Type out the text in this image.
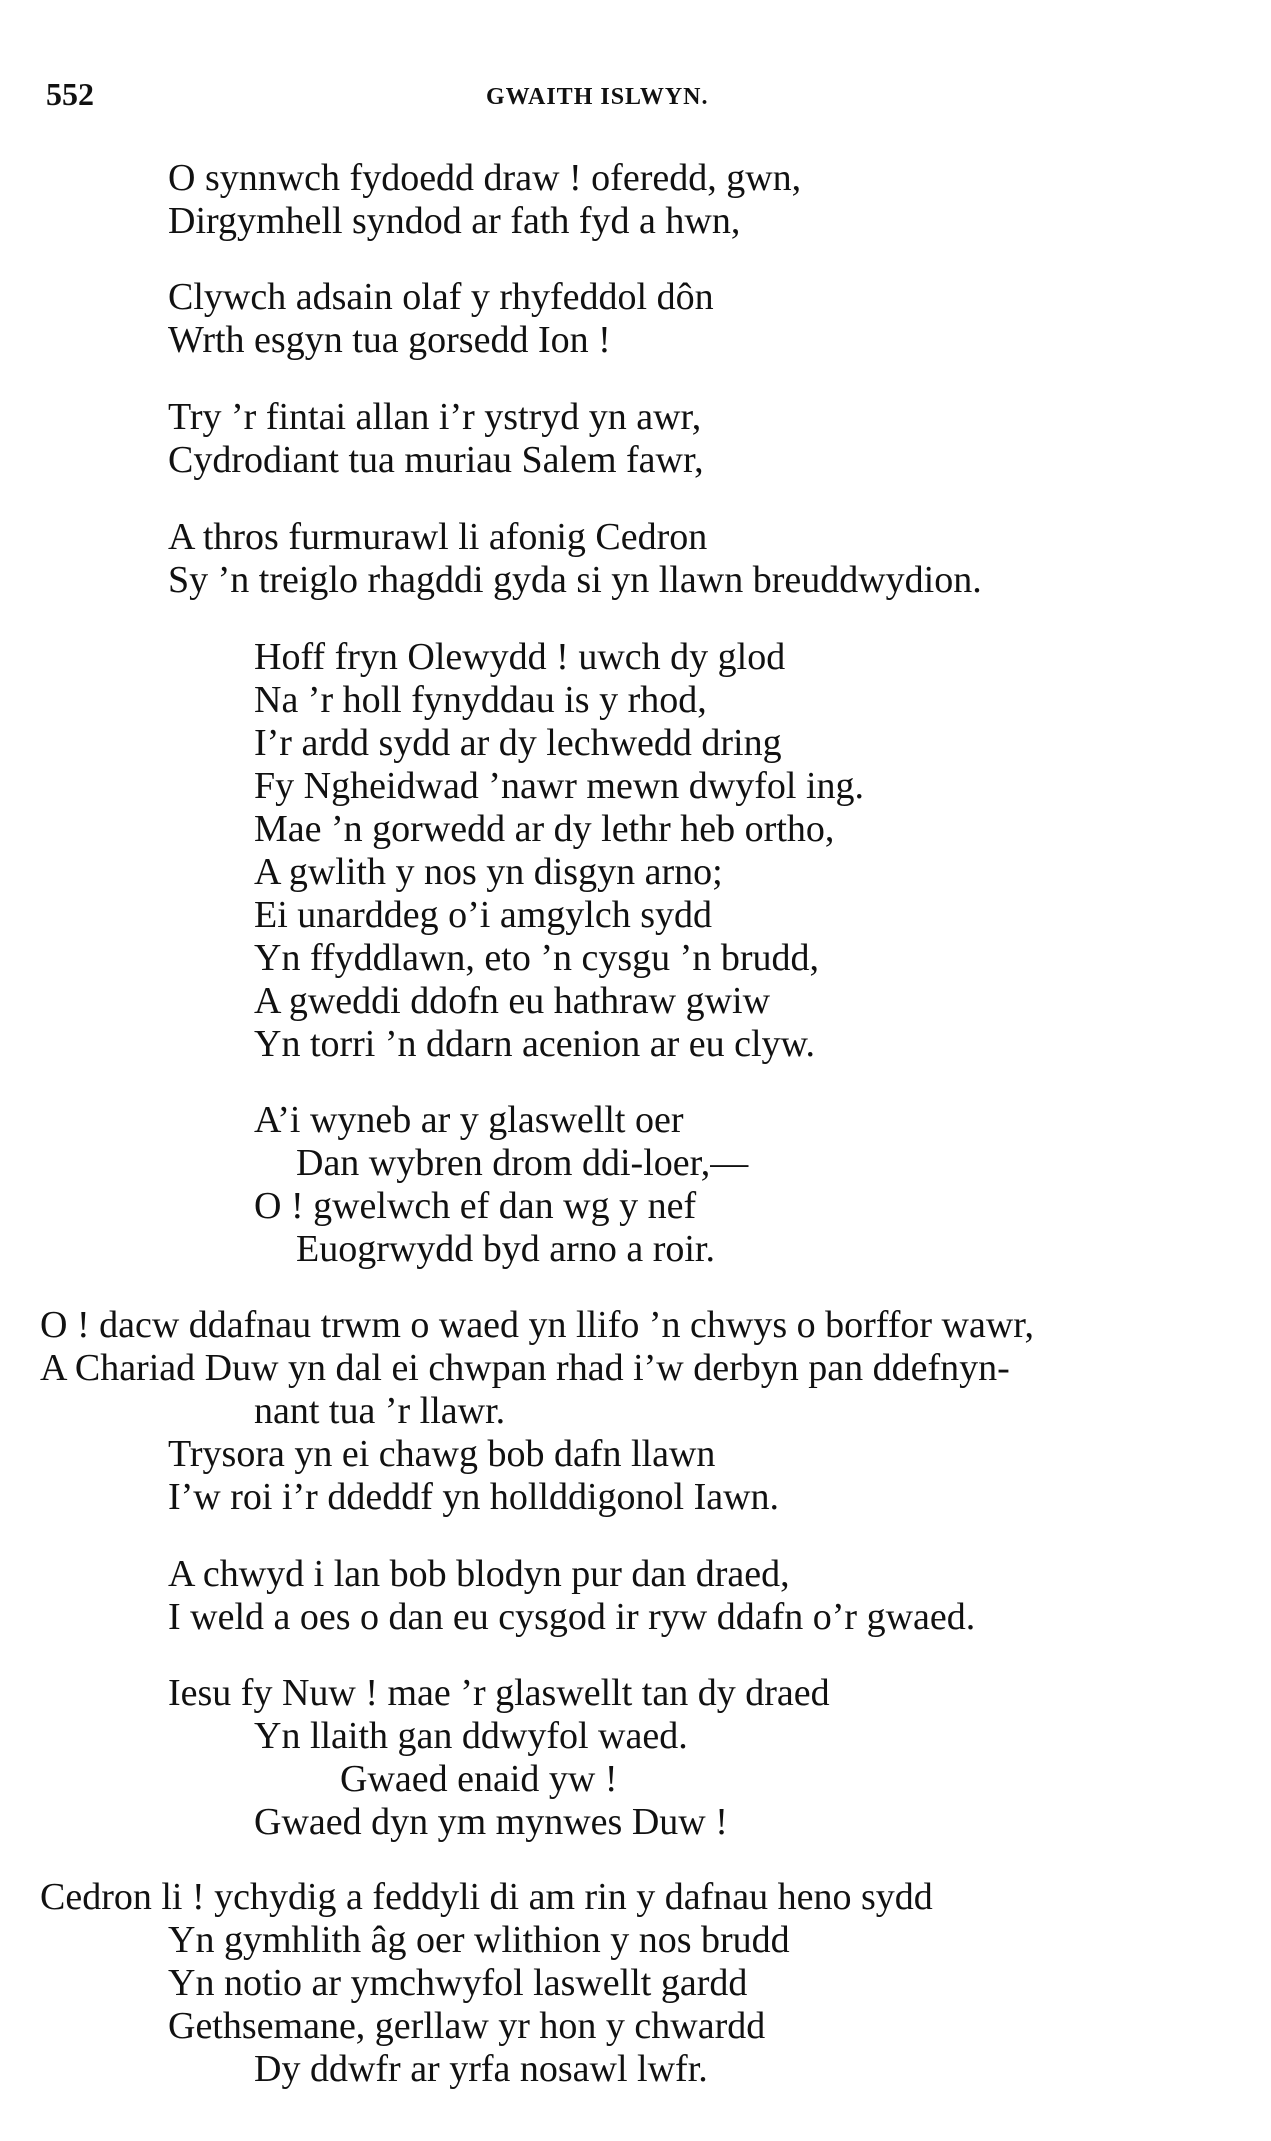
552	GWAITH ISLWYN.
O synnwch fydoedd draw ! oferedd, gwn,
Dirgymhell syndod ar fath fyd a hwn,
Clywch adsain olaf y rhyfeddol dôn
Wrth esgyn tua gorsedd Ion !
Try ’r fintai allan i’r ystryd yn awr,
Cydrodiant tua muriau Salem fawr,
A thros furmurawl li afonig Cedron
Sy ’n treiglo rhagddi gyda si yn llawn breuddwydion.
Hoff fryn Olewydd ! uwch dy glod
Na ’r holl fynyddau is y rhod,
I’r ardd sydd ar dy lechwedd dring
Fy Ngheidwad ’nawr mewn dwyfol ing.
Mae ’n gorwedd ar dy lethr heb ortho,
A gwlith y nos yn disgyn arno;
Ei unarddeg o’i amgylch sydd
Yn ffyddlawn, eto ’n cysgu ’n brudd,
A gweddi ddofn eu hathraw gwiw
Yn torri ’n ddarn acenion ar eu clyw.
A’i wyneb ar y glaswellt oer
Dan wybren drom ddi-loer,—
O ! gwelwch ef dan wg y nef
Euogrwydd byd arno a roir.
O ! dacw ddafnau trwm o waed yn llifo ’n chwys o borffor wawr,
A Chariad Duw yn dal ei chwpan rhad i’w derbyn pan ddefnyn-
nant tua ’r llawr.
Trysora yn ei chawg bob dafn llawn
I’w roi i’r ddeddf yn hollddigonol Iawn.
A chwyd i lan bob blodyn pur dan draed,
I weld a oes o dan eu cysgod ir ryw ddafn o’r gwaed.
Iesu fy Nuw ! mae ’r glaswellt tan dy draed
Yn llaith gan ddwyfol waed.
Gwaed enaid yw !
Gwaed dyn ym mynwes Duw !
Cedron li ! ychydig a feddyli di am rin y dafnau heno sydd
Yn gymhlith âg oer wlithion y nos brudd
Yn notio ar ymchwyfol laswellt gardd
Gethsemane, gerllaw yr hon y chwardd
Dy ddwfr ar yrfa nosawl lwfr.
